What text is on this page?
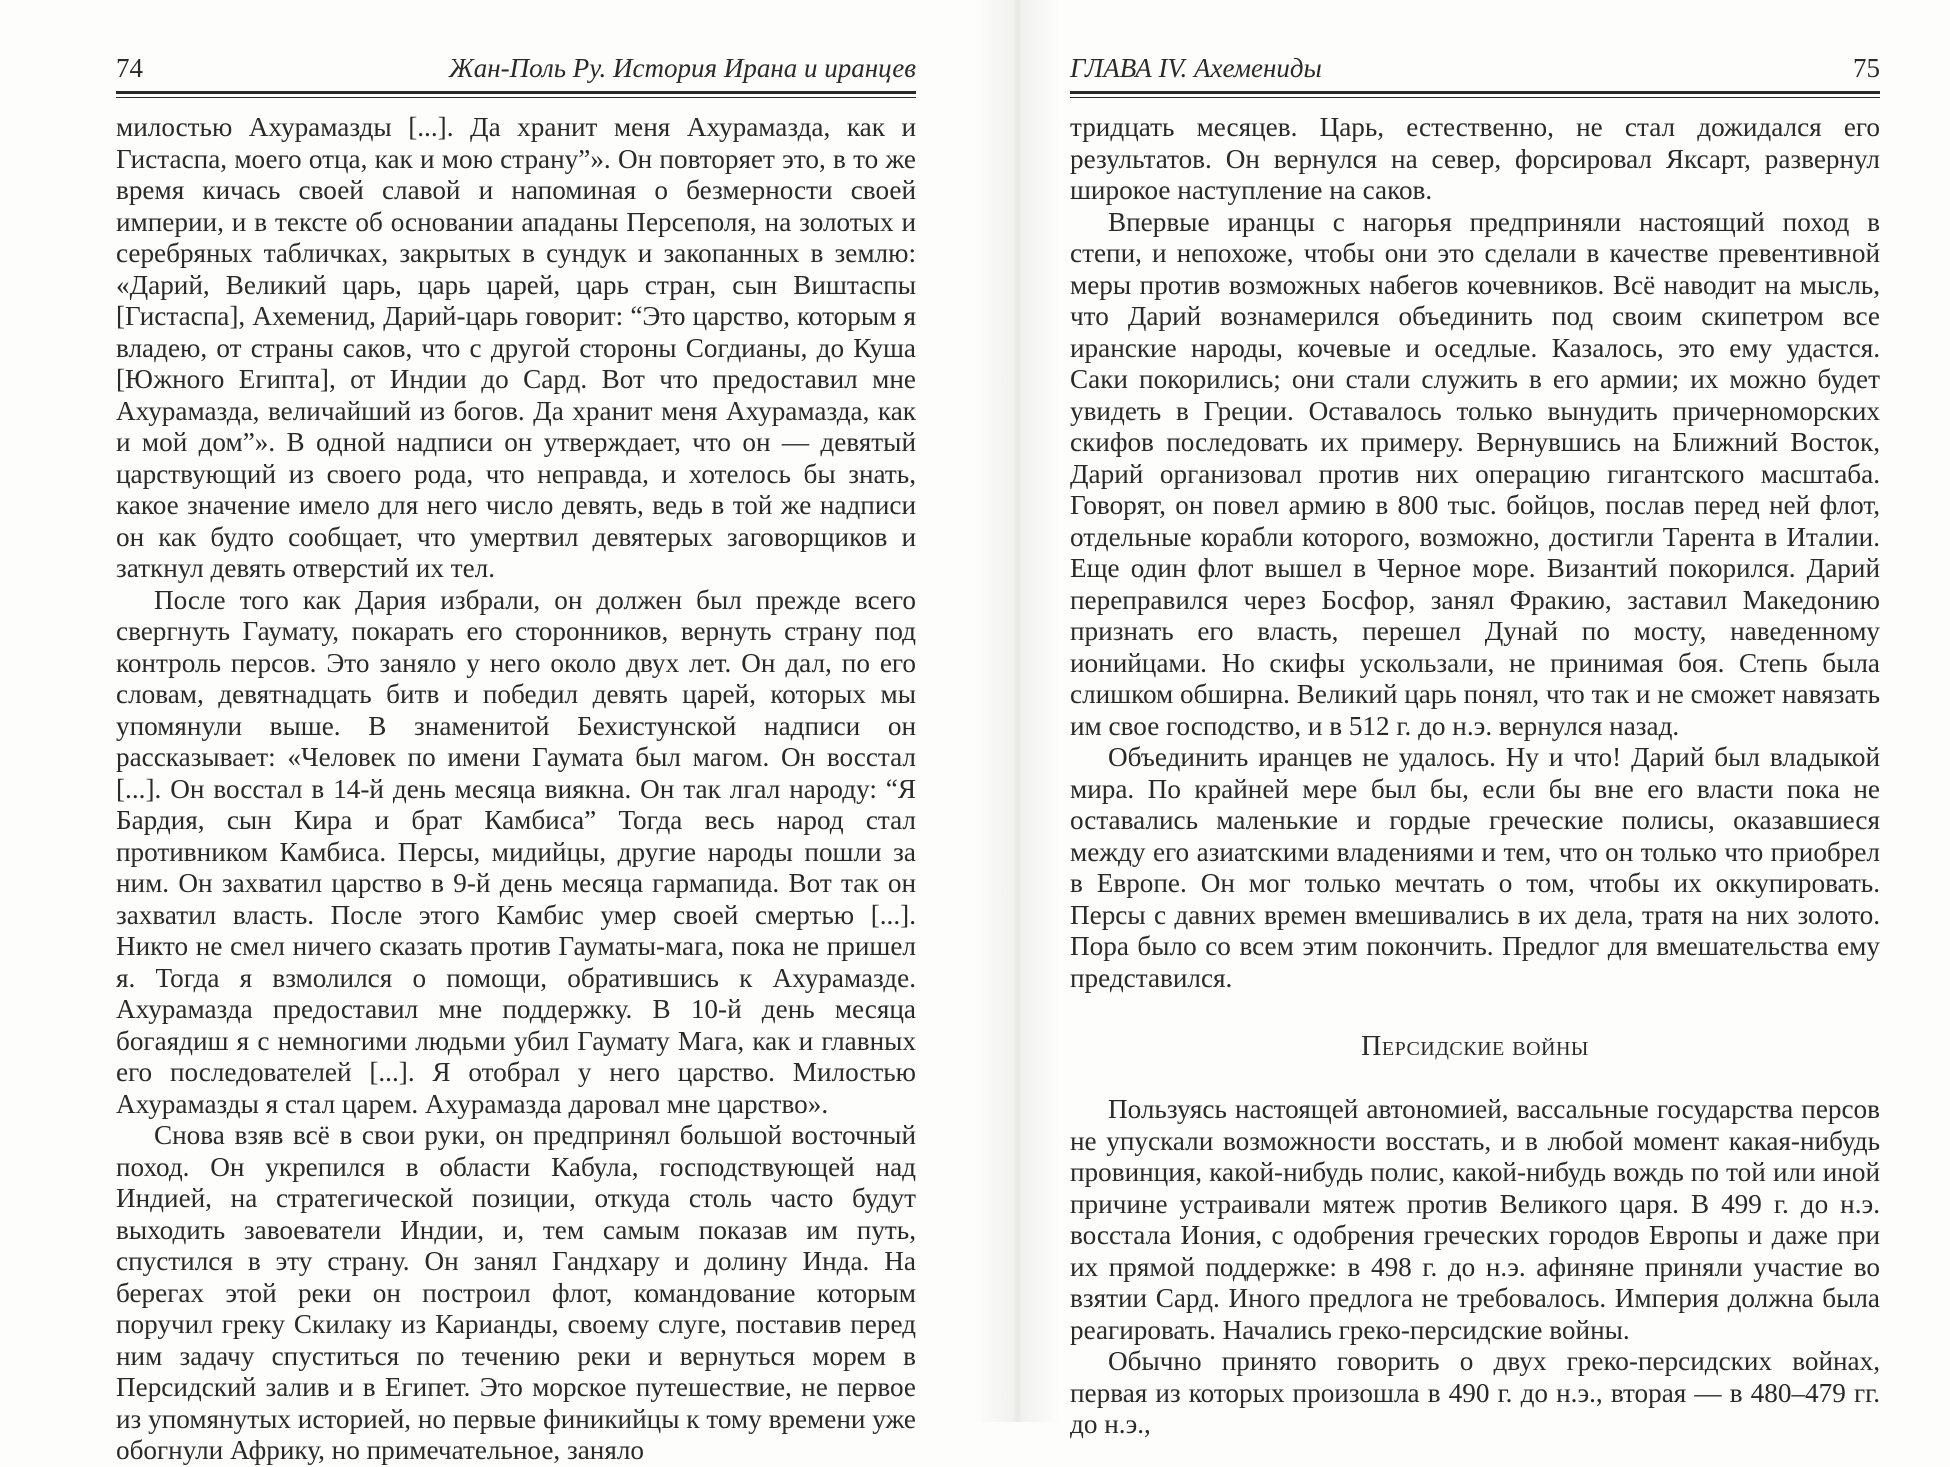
74	Жан-Поль Ру. История Ирана и иранцев

милостью Ахурамазды [...]. Да хранит меня Ахурамазда, как и Гистаспа, моего отца, как и мою страну”». Он повторяет это, в то же время кичась своей славой и напоминая о безмерности своей империи, и в тексте об основании ападаны Персеполя, на золотых и серебряных табличках, закрытых в сундук и закопанных в землю: «Дарий, Великий царь, царь царей, царь стран, сын Виштаспы [Гистаспа], Ахеменид, Дарий-царь говорит: “Это царство, которым я владею, от страны саков, что с другой стороны Согдианы, до Куша [Южного Египта], от Индии до Сард. Вот что предоставил мне Ахурамазда, величайший из богов. Да хранит меня Ахурамазда, как и мой дом”». В одной надписи он утверждает, что он — девятый царствующий из своего рода, что неправда, и хотелось бы знать, какое значение имело для него число девять, ведь в той же надписи он как будто сообщает, что умертвил девятерых заговорщиков и заткнул девять отверстий их тел.

После того как Дария избрали, он должен был прежде всего свергнуть Гаумату, покарать его сторонников, вернуть страну под контроль персов. Это заняло у него около двух лет. Он дал, по его словам, девятнадцать битв и победил девять царей, которых мы упомянули выше. В знаменитой Бехистунской надписи он рассказывает: «Человек по имени Гаумата был магом. Он восстал [...]. Он восстал в 14-й день месяца виякна. Он так лгал народу: “Я Бардия, сын Кира и брат Камбиса” Тогда весь народ стал противником Камбиса. Персы, мидийцы, другие народы пошли за ним. Он захватил царство в 9-й день месяца гармапида. Вот так он захватил власть. После этого Камбис умер своей смертью [...]. Никто не смел ничего сказать против Гауматы-мага, пока не пришел я. Тогда я взмолился о помощи, обратившись к Ахурамазде. Ахурамазда предоставил мне поддержку. В 10-й день месяца богаядиш я с немногими людьми убил Гаумату Мага, как и главных его последователей [...]. Я отобрал у него царство. Милостью Ахурамазды я стал царем. Ахурамазда даровал мне царство».

Снова взяв всё в свои руки, он предпринял большой восточный поход. Он укрепился в области Кабула, господствующей над Индией, на стратегической позиции, откуда столь часто будут выходить завоеватели Индии, и, тем самым показав им путь, спустился в эту страну. Он занял Гандхару и долину Инда. На берегах этой реки он построил флот, командование которым поручил греку Скилаку из Карианды, своему слуге, поставив перед ним задачу спуститься по течению реки и вернуться морем в Персидский залив и в Египет. Это морское путешествие, не первое из упомянутых историей, но первые финикийцы к тому времени уже обогнули Африку, но примечательное, заняло

ГЛАВА IV. Ахемениды	75

тридцать месяцев. Царь, естественно, не стал дожидался его результатов. Он вернулся на север, форсировал Яксарт, развернул широкое наступление на саков.

Впервые иранцы с нагорья предприняли настоящий поход в степи, и непохоже, чтобы они это сделали в качестве превентивной меры против возможных набегов кочевников. Всё наводит на мысль, что Дарий вознамерился объединить под своим скипетром все иранские народы, кочевые и оседлые. Казалось, это ему удастся. Саки покорились; они стали служить в его армии; их можно будет увидеть в Греции. Оставалось только вынудить причерноморских скифов последовать их примеру. Вернувшись на Ближний Восток, Дарий организовал против них операцию гигантского масштаба. Говорят, он повел армию в 800 тыс. бойцов, послав перед ней флот, отдельные корабли которого, возможно, достигли Тарента в Италии. Еще один флот вышел в Черное море. Византий покорился. Дарий переправился через Босфор, занял Фракию, заставил Македонию признать его власть, перешел Дунай по мосту, наведенному ионийцами. Но скифы ускользали, не принимая боя. Степь была слишком обширна. Великий царь понял, что так и не сможет навязать им свое господство, и в 512 г. до н.э. вернулся назад.

Объединить иранцев не удалось. Ну и что! Дарий был владыкой мира. По крайней мере был бы, если бы вне его власти пока не оставались маленькие и гордые греческие полисы, оказавшиеся между его азиатскими владениями и тем, что он только что приобрел в Европе. Он мог только мечтать о том, чтобы их оккупировать. Персы с давних времен вмешивались в их дела, тратя на них золото. Пора было со всем этим покончить. Предлог для вмешательства ему представился.

Персидские войны

Пользуясь настоящей автономией, вассальные государства персов не упускали возможности восстать, и в любой момент какая-нибудь провинция, какой-нибудь полис, какой-нибудь вождь по той или иной причине устраивали мятеж против Великого царя. В 499 г. до н.э. восстала Иония, с одобрения греческих городов Европы и даже при их прямой поддержке: в 498 г. до н.э. афиняне приняли участие во взятии Сард. Иного предлога не требовалось. Империя должна была реагировать. Начались греко-персидские войны.

Обычно принято говорить о двух греко-персидских войнах, первая из которых произошла в 490 г. до н.э., вторая — в 480–479 гг. до н.э.,
